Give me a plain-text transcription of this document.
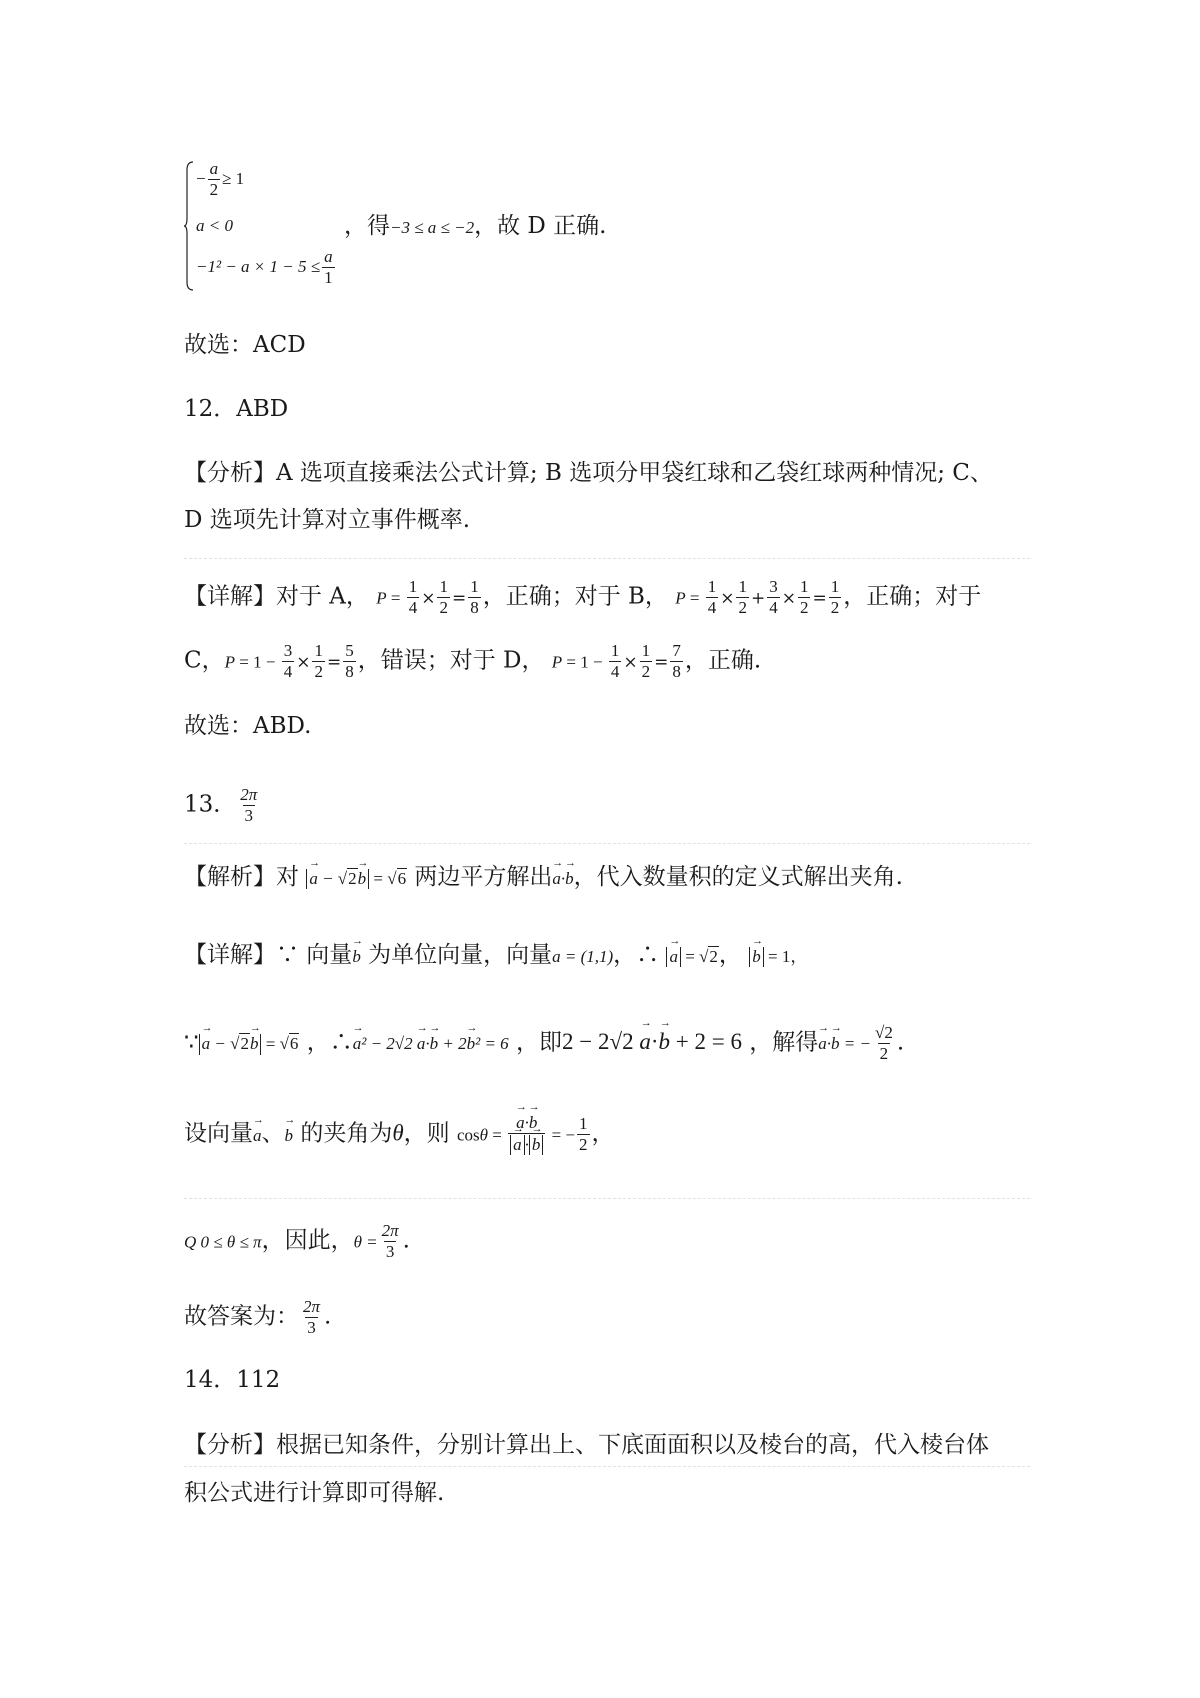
− $\frac{a}{2} \ge 1$
a < 0
$-1^2 - a \times 1 - 5 \le \frac{a}{1}$
，得−3 ≤ a ≤ −2，故 D 正确.
故选：ACD
12．ABD
【分析】A 选项直接乘法公式计算; B 选项分甲袋红球和乙袋红球两种情况; C、
D 选项先计算对立事件概率.
【详解】对于 A， $P = \frac{1}{4} \times \frac{1}{2} = \frac{1}{8}$ ，正确；对于 B， $P = \frac{1}{4} \times \frac{1}{2} + \frac{3}{4} \times \frac{1}{2} = \frac{1}{2}$ ，正确；对于
C，$P = 1 - \frac{3}{4} \times \frac{1}{2} = \frac{5}{8}$ ，错误；对于 D， $P = 1 - \frac{1}{4} \times \frac{1}{2} = \frac{7}{8}$ ，正确.
故选：ABD.
13． $\frac{2\pi}{3}$
【解析】对 → a − √2→ b = √6 两边平方解出→ a·→ b，代入数量积的定义式解出夹角.
【详解】∵ 向量→ b 为单位向量，向量a = (1,1)，∴ → a = √2， → b = 1，
∵ → a − √2→ b = √6 ，∴→ a² − 2√2 → a·→ b + 2→ b² = 6 ，即2 − 2√2 → a·→ b + 2 = 6 ，解得→ a·→ b = − $\frac{√2}{2}$ .
设向量→ a、→ b 的夹角为θ，则 cosθ = → a·→ b
→ a · → b = − $\frac{1}{2}$ ，
Q 0 ≤ θ ≤ π，因此，$\theta = \frac{2\pi}{3}$ .
故答案为： $\frac{2\pi}{3}$ .
14．112
【分析】根据已知条件，分别计算出上、下底面面积以及棱台的高，代入棱台体
积公式进行计算即可得解.
